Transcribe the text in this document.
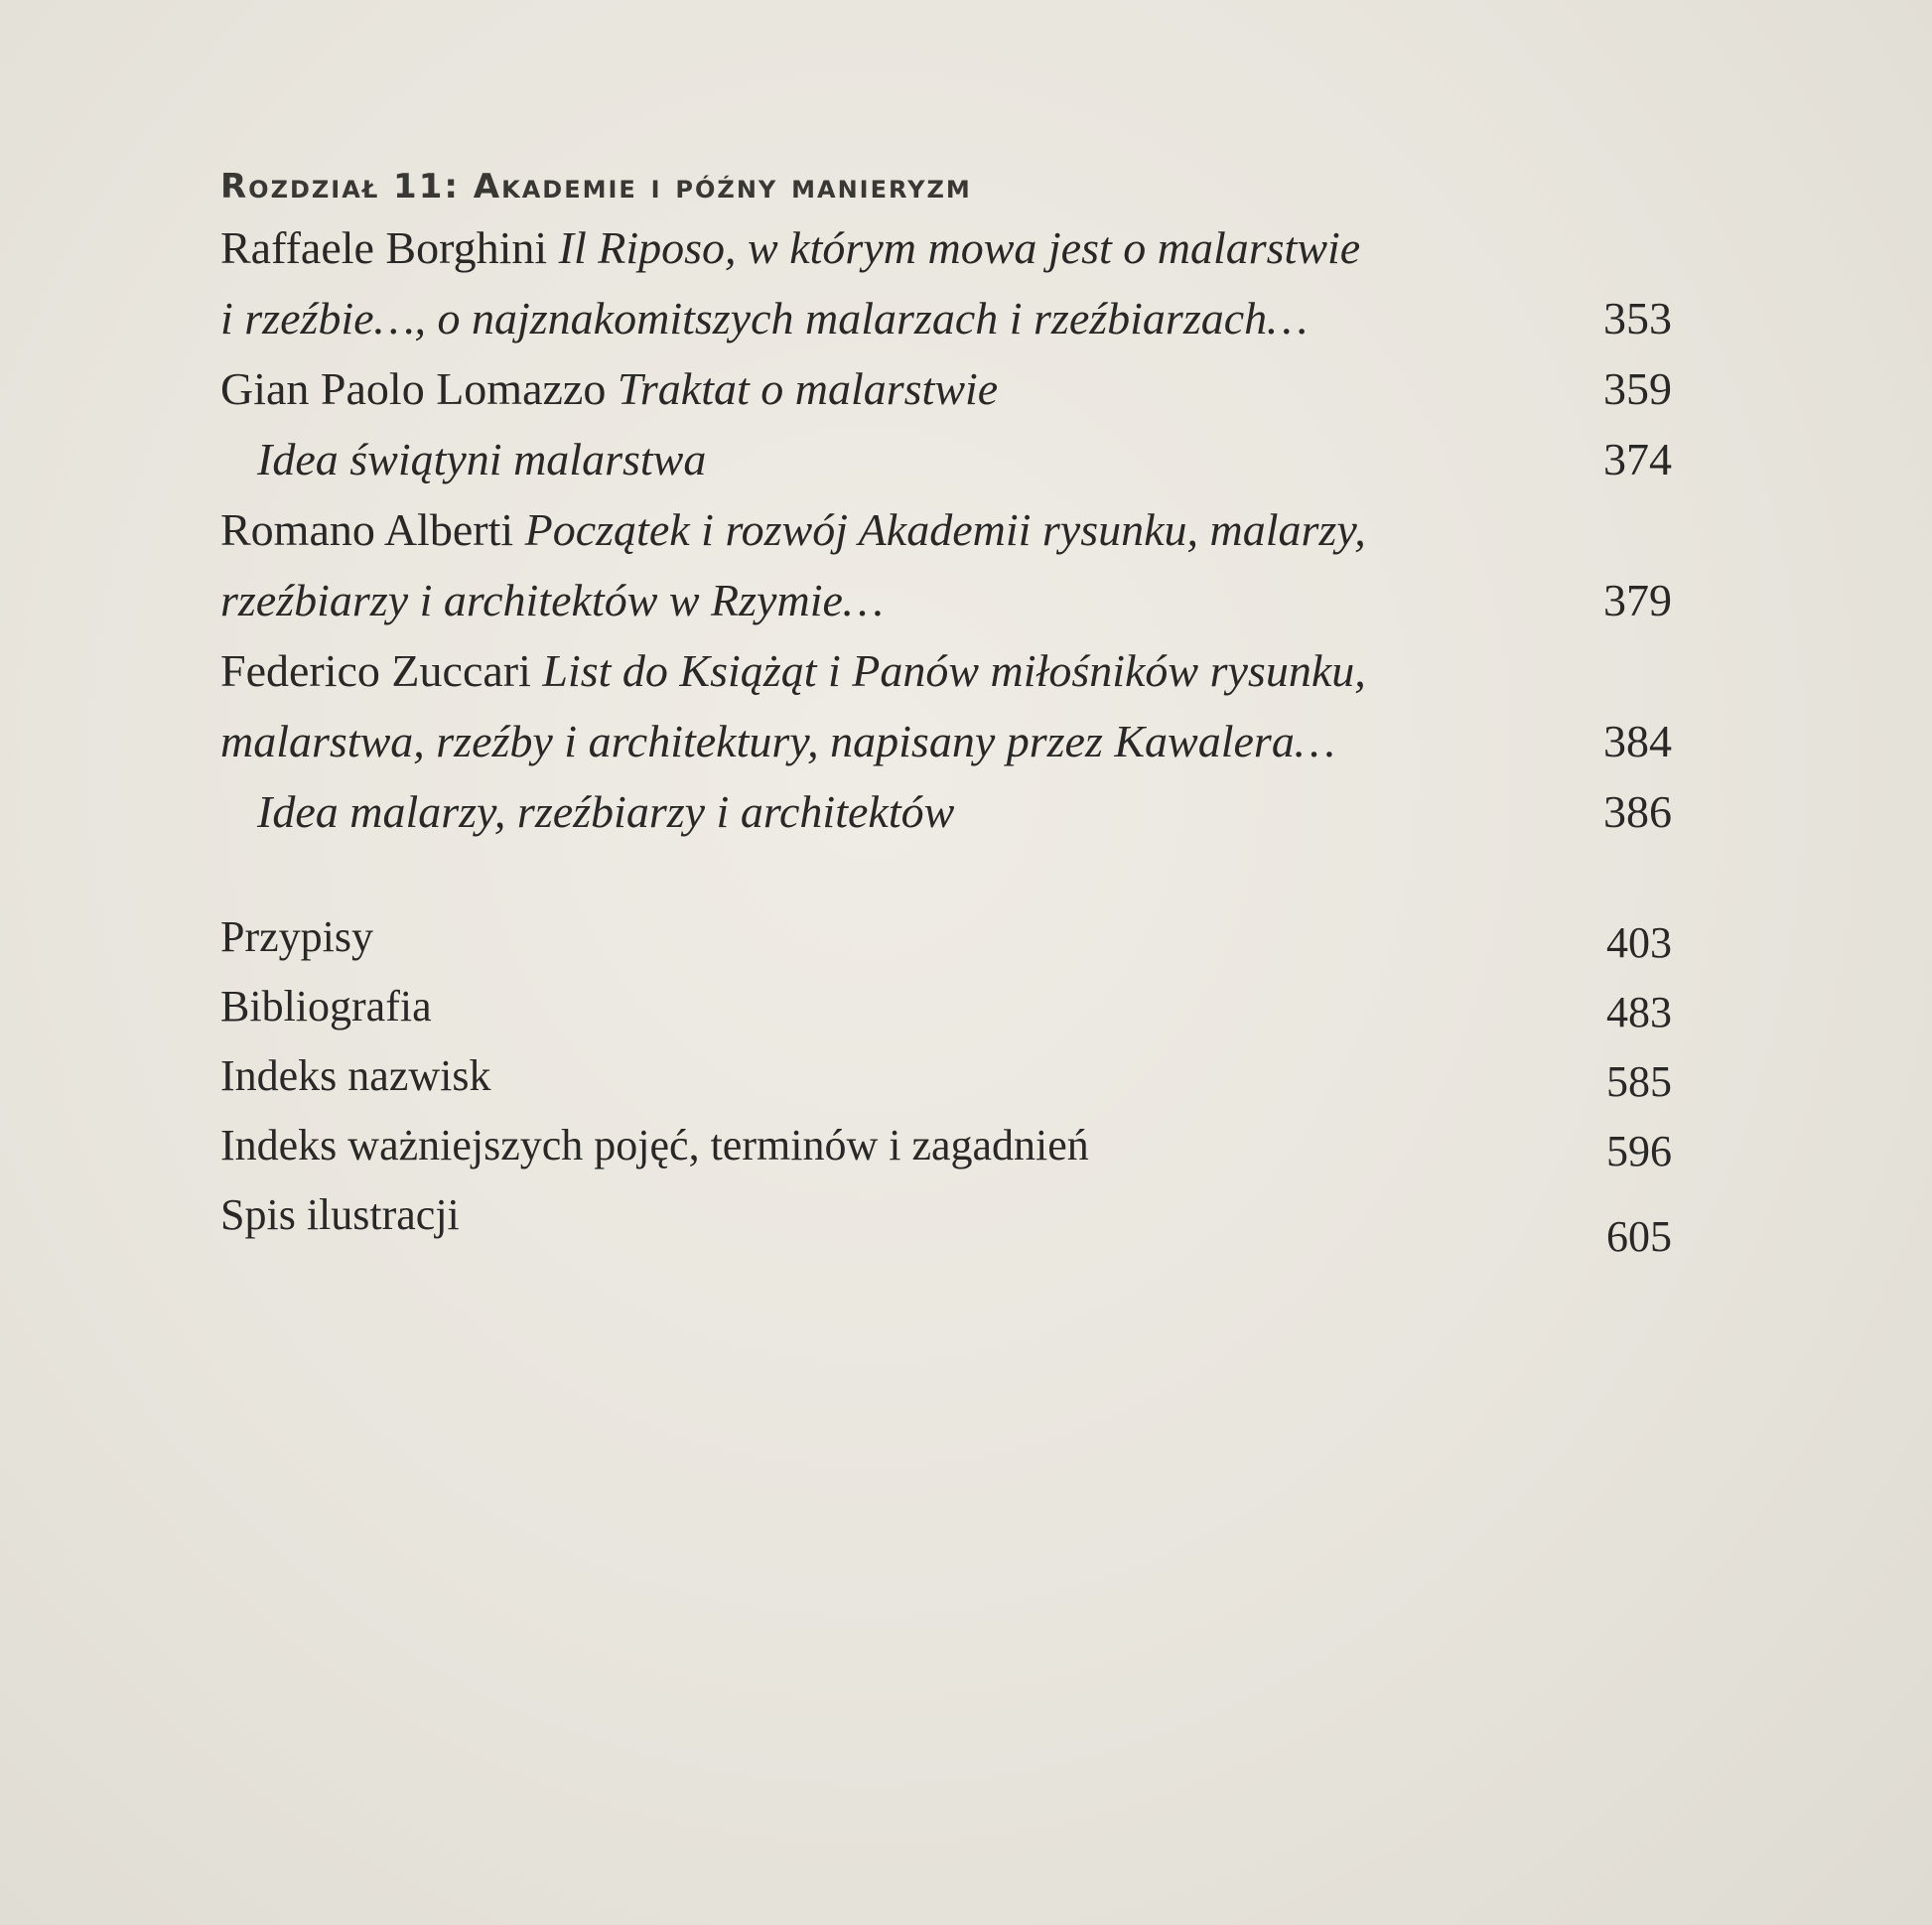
Rozdział 11: Akademie i późny manieryzm
Raffaele Borghini Il Riposo, w którym mowa jest o malarstwie
i rzeźbie…, o najznakomitszych malarzach i rzeźbiarzach…	353
Gian Paolo Lomazzo Traktat o malarstwie	359
Idea świątyni malarstwa	374
Romano Alberti Początek i rozwój Akademii rysunku, malarzy,
rzeźbiarzy i architektów w Rzymie…	379
Federico Zuccari List do Książąt i Panów miłośników rysunku,
malarstwa, rzeźby i architektury, napisany przez Kawalera…	384
Idea malarzy, rzeźbiarzy i architektów	386
Przypisy	403
Bibliografia	483
Indeks nazwisk	585
Indeks ważniejszych pojęć, terminów i zagadnień	596
Spis ilustracji	605
